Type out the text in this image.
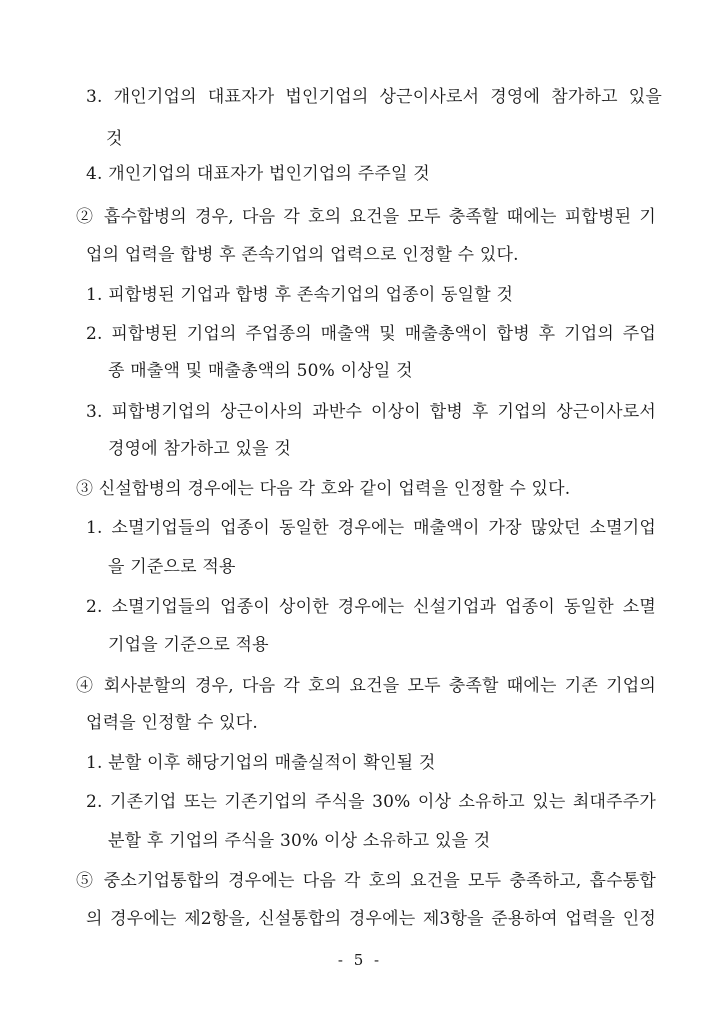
3. 개인기업의 대표자가 법인기업의 상근이사로서 경영에 참가하고 있을
것
4. 개인기업의 대표자가 법인기업의 주주일 것
② 흡수합병의 경우, 다음 각 호의 요건을 모두 충족할 때에는 피합병된 기
업의 업력을 합병 후 존속기업의 업력으로 인정할 수 있다.
1. 피합병된 기업과 합병 후 존속기업의 업종이 동일할 것
2. 피합병된 기업의 주업종의 매출액 및 매출총액이 합병 후 기업의 주업
종 매출액 및 매출총액의 50% 이상일 것
3. 피합병기업의 상근이사의 과반수 이상이 합병 후 기업의 상근이사로서
경영에 참가하고 있을 것
③ 신설합병의 경우에는 다음 각 호와 같이 업력을 인정할 수 있다.
1. 소멸기업들의 업종이 동일한 경우에는 매출액이 가장 많았던 소멸기업
을 기준으로 적용
2. 소멸기업들의 업종이 상이한 경우에는 신설기업과 업종이 동일한 소멸
기업을 기준으로 적용
④ 회사분할의 경우, 다음 각 호의 요건을 모두 충족할 때에는 기존 기업의
업력을 인정할 수 있다.
1. 분할 이후 해당기업의 매출실적이 확인될 것
2. 기존기업 또는 기존기업의 주식을 30% 이상 소유하고 있는 최대주주가
분할 후 기업의 주식을 30% 이상 소유하고 있을 것
⑤ 중소기업통합의 경우에는 다음 각 호의 요건을 모두 충족하고, 흡수통합
의 경우에는 제2항을, 신설통합의 경우에는 제3항을 준용하여 업력을 인정
- 5 -
